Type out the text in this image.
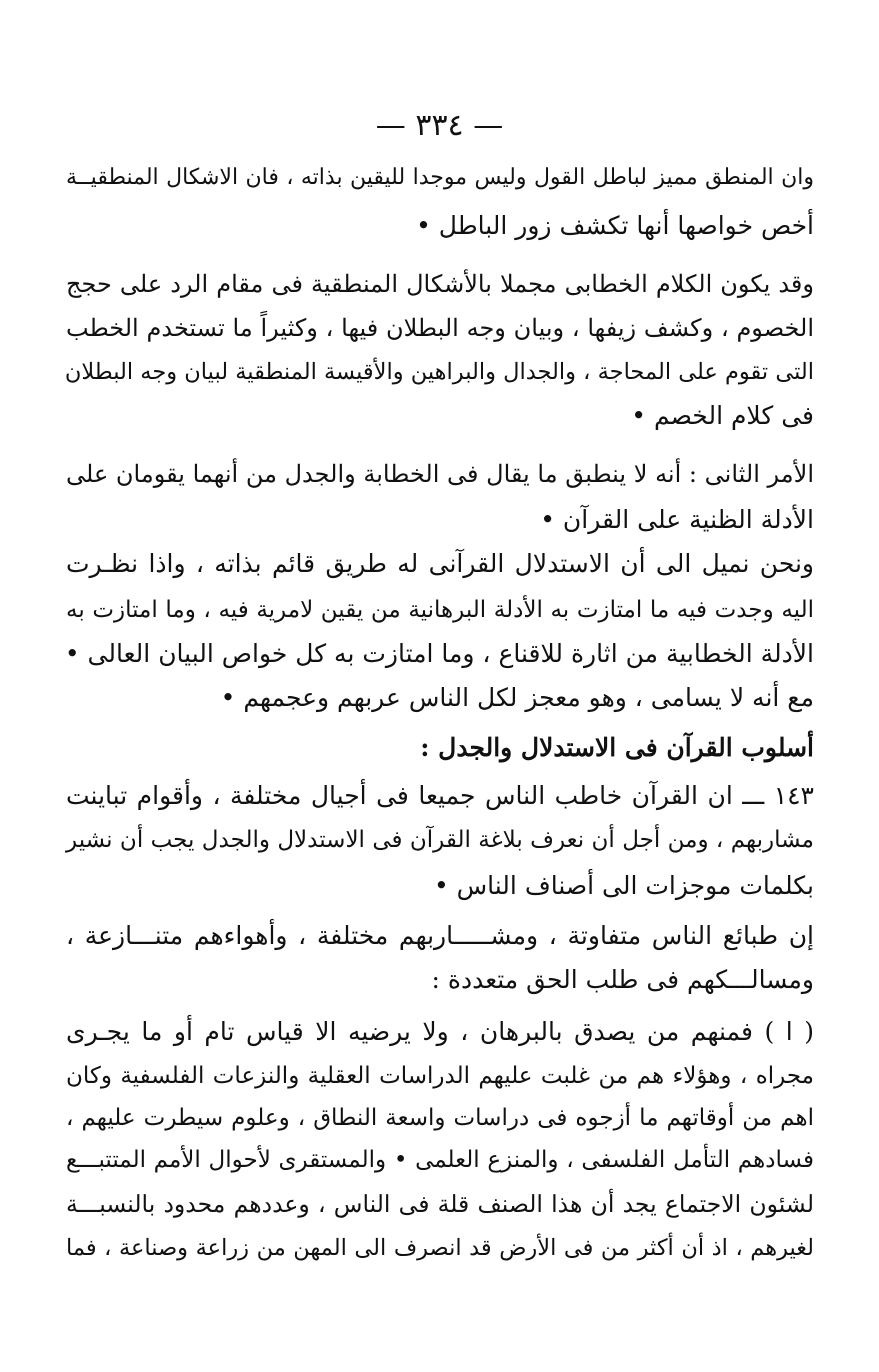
— ٣٣٤ —
وان المنطق مميز لباطل القول وليس موجدا لليقين بذاته ، فان الاشكال المنطقيــة
أخص خواصها أنها تكشف زور الباطل •
وقد يكون الكلام الخطابى مجملا بالأشكال المنطقية فى مقام الرد على حجج
الخصوم ، وكشف زيفها ، وبيان وجه البطلان فيها ، وكثيراً ما تستخدم الخطب
التى تقوم على المحاجة ، والجدال والبراهين والأقيسة المنطقية لبيان وجه البطلان
فى كلام الخصم •
الأمر الثانى : أنه لا ينطبق ما يقال فى الخطابة والجدل من أنهما يقومان على
الأدلة الظنية على القرآن •
ونحن نميل الى أن الاستدلال القرآنى له طريق قائم بذاته ، واذا نظـرت
اليه وجدت فيه ما امتازت به الأدلة البرهانية من يقين لامرية فيه ، وما امتازت به
الأدلة الخطابية من اثارة للاقناع ، وما امتازت به كل خواص البيان العالى •
مع أنه لا يسامى ، وهو معجز لكل الناس عربهم وعجمهم •
أسلوب القرآن فى الاستدلال والجدل :
١٤٣ ـــ ان القرآن خاطب الناس جميعا فى أجيال مختلفة ، وأقوام تباينت
مشاربهم ، ومن أجل أن نعرف بلاغة القرآن فى الاستدلال والجدل يجب أن نشير
بكلمات موجزات الى أصناف الناس •
إن طبائع الناس متفاوتة ، ومشـــــاربهم مختلفة ، وأهواءهم متنـــازعة ،
ومسالـــكهم فى طلب الحق متعددة :
( ا ) فمنهم من يصدق بالبرهان ، ولا يرضيه الا قياس تام أو ما يجـرى
مجراه ، وهؤلاء هم من غلبت عليهم الدراسات العقلية والنزعات الفلسفية وكان
اهم من أوقاتهم ما أزجوه فى دراسات واسعة النطاق ، وعلوم سيطرت عليهم ،
فسادهم التأمل الفلسفى ، والمنزع العلمى • والمستقرى لأحوال الأمم المتتبـــع
لشئون الاجتماع يجد أن هذا الصنف قلة فى الناس ، وعددهم محدود بالنسبـــة
لغيرهم ، اذ أن أكثر من فى الأرض قد انصرف الى المهن من زراعة وصناعة ، فما
